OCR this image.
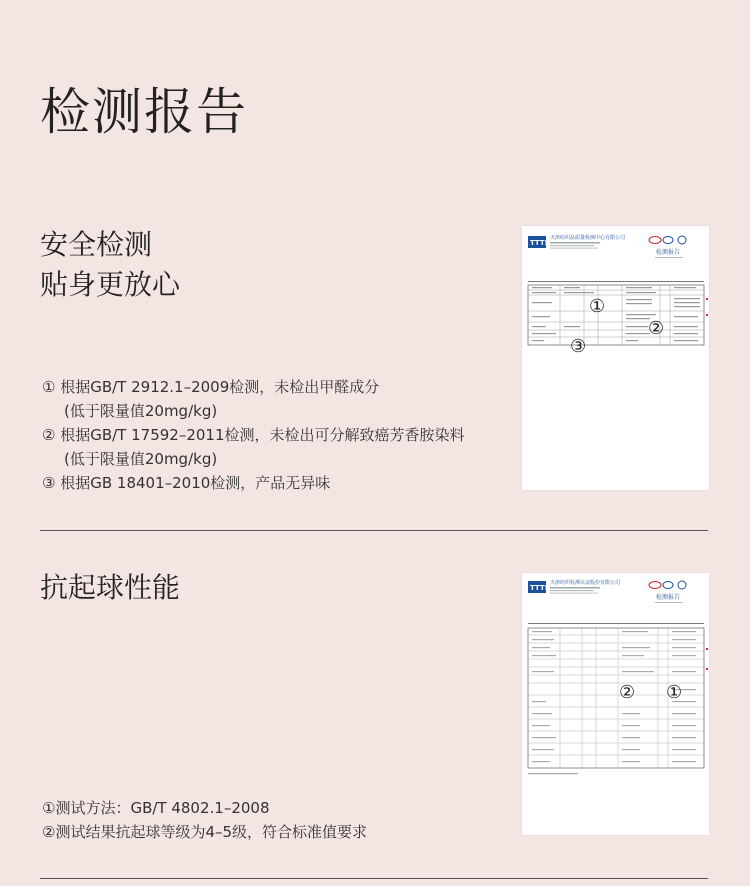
检测报告
安全检测
贴身更放心
① 根据GB/T 2912.1–2009检测，未检出甲醛成分
(低于限量值20mg/kg)
② 根据GB/T 17592–2011检测，未检出可分解致癌芳香胺染料
(低于限量值20mg/kg)
③ 根据GB 18401–2010检测，产品无异味
TTTS
天津纺织品质量检测中心有限公司
检测报告
①
②
③
抗起球性能
①测试方法：GB/T 4802.1–2008
②测试结果抗起球等级为4–5级，符合标准值要求
TTTS
天津纺织检测认证股份有限公司
检测报告
② ①
